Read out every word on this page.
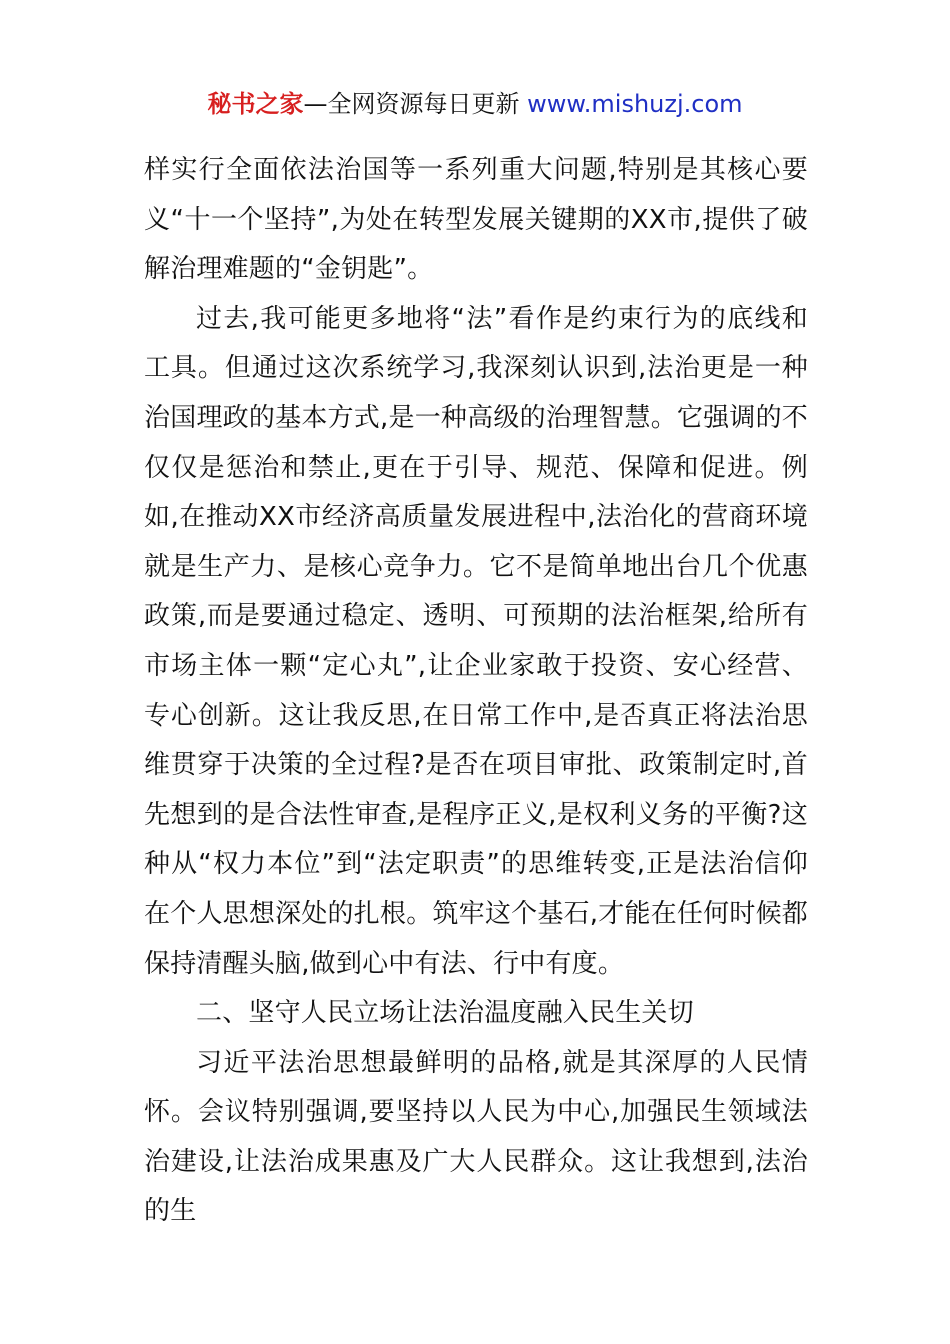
秘书之家—全网资源每日更新 www.mishuzj.com

样实行全面依法治国等一系列重大问题,特别是其核心要义“十一个坚持”,为处在转型发展关键期的XX市,提供了破解治理难题的“金钥匙”。

过去,我可能更多地将“法”看作是约束行为的底线和工具。但通过这次系统学习,我深刻认识到,法治更是一种治国理政的基本方式,是一种高级的治理智慧。它强调的不仅仅是惩治和禁止,更在于引导、规范、保障和促进。例如,在推动XX市经济高质量发展进程中,法治化的营商环境就是生产力、是核心竞争力。它不是简单地出台几个优惠政策,而是要通过稳定、透明、可预期的法治框架,给所有市场主体一颗“定心丸”,让企业家敢于投资、安心经营、专心创新。这让我反思,在日常工作中,是否真正将法治思维贯穿于决策的全过程?是否在项目审批、政策制定时,首先想到的是合法性审查,是程序正义,是权利义务的平衡?这种从“权力本位”到“法定职责”的思维转变,正是法治信仰在个人思想深处的扎根。筑牢这个基石,才能在任何时候都保持清醒头脑,做到心中有法、行中有度。

二、坚守人民立场让法治温度融入民生关切

习近平法治思想最鲜明的品格,就是其深厚的人民情怀。会议特别强调,要坚持以人民为中心,加强民生领域法治建设,让法治成果惠及广大人民群众。这让我想到,法治的生
